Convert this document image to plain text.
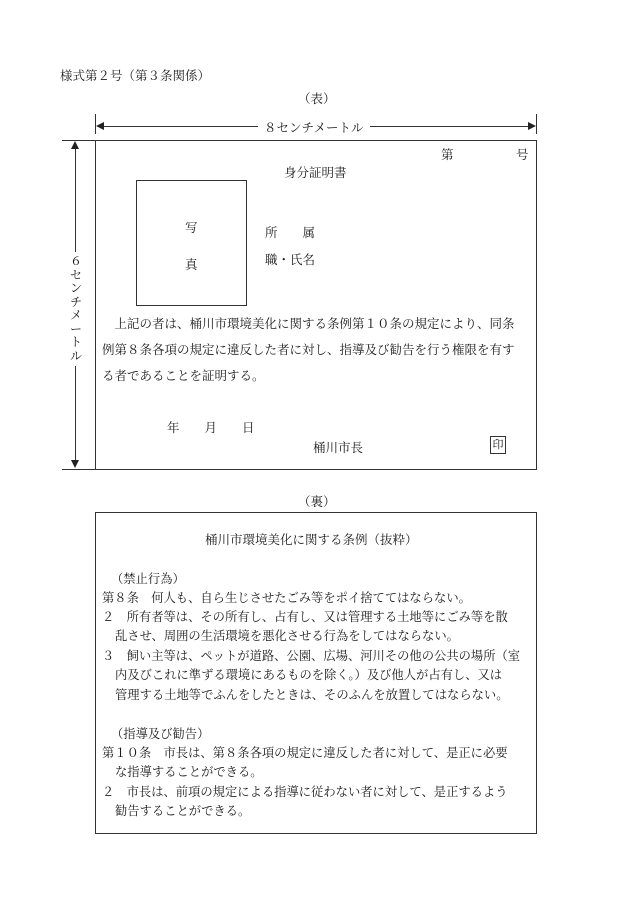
様式第２号（第３条関係）
（表）
８センチメートル
６
セ
ン
チ
メ
ー
ト
ル
第　　　　　号
身分証明書
写
真
所　　属
職・氏名
　上記の者は、桶川市環境美化に関する条例第１０条の規定により、同条
例第８条各項の規定に違反した者に対し、指導及び勧告を行う権限を有す
る者であることを証明する。
年　　月　　日
桶川市長	印
（裏）
桶川市環境美化に関する条例（抜粋）
（禁止行為）
第８条　何人も、自ら生じさせたごみ等をポイ捨ててはならない。
２　所有者等は、その所有し、占有し、又は管理する土地等にごみ等を散
乱させ、周囲の生活環境を悪化させる行為をしてはならない。
３　飼い主等は、ペットが道路、公園、広場、河川その他の公共の場所（室
内及びこれに準ずる環境にあるものを除く。）及び他人が占有し、又は
管理する土地等でふんをしたときは、そのふんを放置してはならない。
（指導及び勧告）
第１０条　市長は、第８条各項の規定に違反した者に対して、是正に必要
な指導することができる。
２　市長は、前項の規定による指導に従わない者に対して、是正するよう
勧告することができる。
